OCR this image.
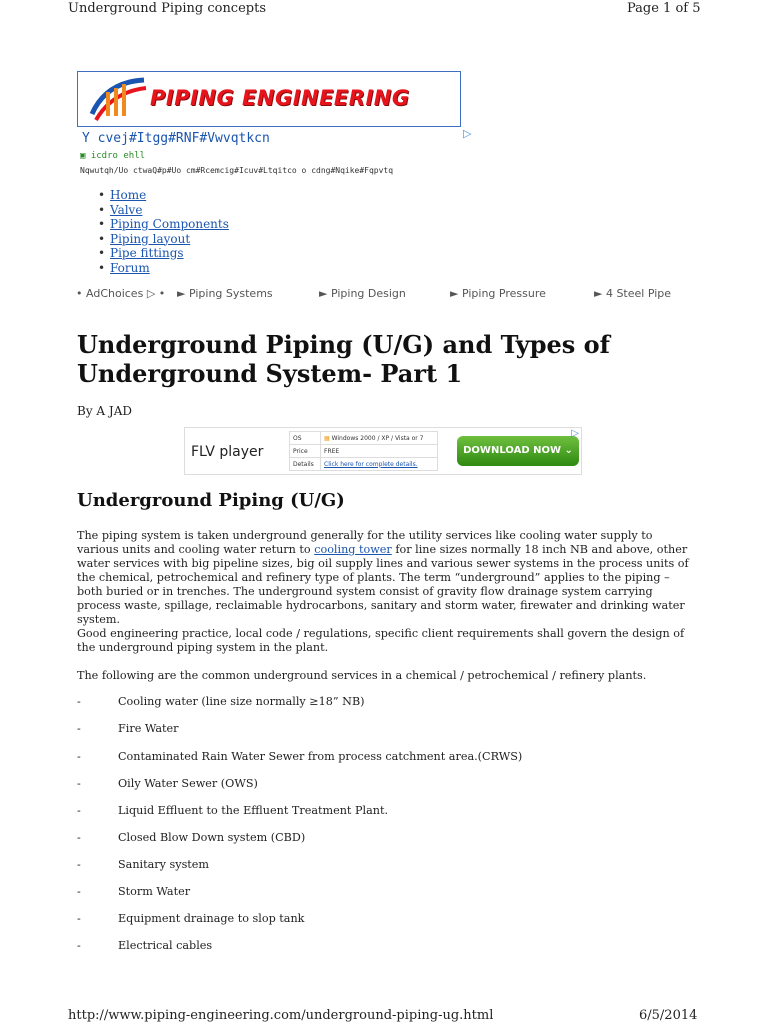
Underground Piping concepts	Page 1 of 5
PIPING ENGINEERING
Y cvej#Itgg#RNF#Vwvqtkcn	▷
▣ icdro ehll
Nqwutqh/Uo ctwaQ#p#Uo cm#Rcemcig#Icuv#Ltqitco o cdng#Nqike#Fqpvtq
• Home
• Valve
• Piping Components
• Piping layout
• Pipe fittings
• Forum
• AdChoices ▷ • ► Piping Systems	► Piping Design	► Piping Pressure	► 4 Steel Pipe
Underground Piping (U/G) and Types of Underground System- Part 1
By A JAD
FLV player
OS	▦ Windows 2000 / XP / Vista or 7
Price	FREE
Details	Click here for complete details.
DOWNLOAD NOW ⌄
▷
Underground Piping (U/G)
The piping system is taken underground generally for the utility services like cooling water supply to various units and cooling water return to cooling tower for line sizes normally 18 inch NB and above, other water services with big pipeline sizes, big oil supply lines and various sewer systems in the process units of the chemical, petrochemical and refinery type of plants. The term “underground” applies to the piping – both buried or in trenches. The underground system consist of gravity flow drainage system carrying process waste, spillage, reclaimable hydrocarbons, sanitary and storm water, firewater and drinking water system.
Good engineering practice, local code / regulations, specific client requirements shall govern the design of the underground piping system in the plant.
The following are the common underground services in a chemical / petrochemical / refinery plants.
-	Cooling water (line size normally ≥18” NB)
-	Fire Water
-	Contaminated Rain Water Sewer from process catchment area.(CRWS)
-	Oily Water Sewer (OWS)
-	Liquid Effluent to the Effluent Treatment Plant.
-	Closed Blow Down system (CBD)
-	Sanitary system
-	Storm Water
-	Equipment drainage to slop tank
-	Electrical cables
http://www.piping-engineering.com/underground-piping-ug.html	6/5/2014
